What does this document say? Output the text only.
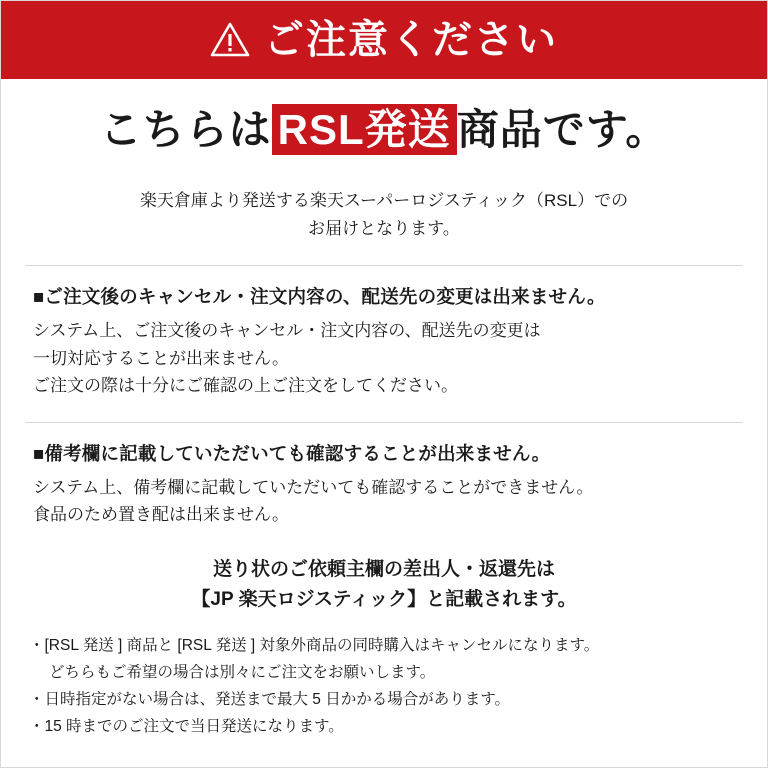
ご注意ください
こちらは RSL発送 商品です。
楽天倉庫より発送する楽天スーパーロジスティック（RSL）での
お届けとなります。
■ご注文後のキャンセル・注文内容の、配送先の変更は出来ません。
システム上、ご注文後のキャンセル・注文内容の、配送先の変更は
一切対応することが出来ません。
ご注文の際は十分にご確認の上ご注文をしてください。
■備考欄に記載していただいても確認することが出来ません。
システム上、備考欄に記載していただいても確認することができません。
食品のため置き配は出来ません。
送り状のご依頼主欄の差出人・返還先は
【JP 楽天ロジスティック】と記載されます。
・[RSL 発送 ] 商品と [RSL 発送 ] 対象外商品の同時購入はキャンセルになります。
どちらもご希望の場合は別々にご注文をお願いします。
・日時指定がない場合は、発送まで最大 5 日かかる場合があります。
・15 時までのご注文で当日発送になります。
